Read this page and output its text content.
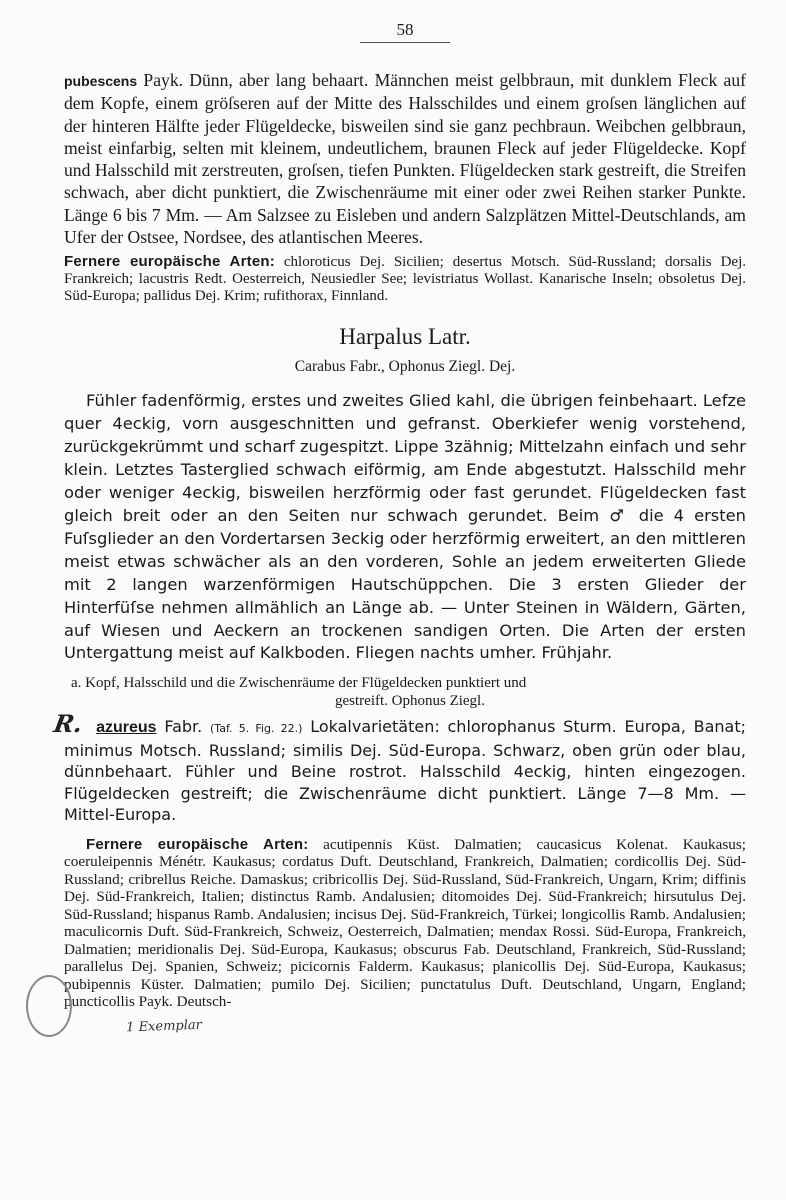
58

pubescens Payk. Dünn, aber lang behaart. Männchen meist gelbbraun, mit dunklem Fleck auf dem Kopfe, einem gröſseren auf der Mitte des Halsschildes und einem groſsen länglichen auf der hinteren Hälfte jeder Flügeldecke, bisweilen sind sie ganz pechbraun. Weibchen gelbbraun, meist einfarbig, selten mit kleinem, undeutlichem, braunen Fleck auf jeder Flügeldecke. Kopf und Halsschild mit zerstreuten, groſsen, tiefen Punkten. Flügeldecken stark gestreift, die Streifen schwach, aber dicht punktiert, die Zwischenräume mit einer oder zwei Reihen starker Punkte. Länge 6 bis 7 Mm. — Am Salzsee zu Eisleben und andern Salzplätzen Mittel-Deutschlands, am Ufer der Ostsee, Nordsee, des atlantischen Meeres.

Fernere europäische Arten: chloroticus Dej. Sicilien; desertus Motsch. Süd-Russland; dorsalis Dej. Frankreich; lacustris Redt. Oesterreich, Neusiedler See; levistriatus Wollast. Kanarische Inseln; obsoletus Dej. Süd-Europa; pallidus Dej. Krim; rufithorax, Finnland.

Harpalus Latr.
Carabus Fabr., Ophonus Ziegl. Dej.

Fühler fadenförmig, erstes und zweites Glied kahl, die übrigen feinbehaart. Lefze quer 4eckig, vorn ausgeschnitten und gefranst. Oberkiefer wenig vorstehend, zurückgekrümmt und scharf zugespitzt. Lippe 3zähnig; Mittelzahn einfach und sehr klein. Letztes Tasterglied schwach eiförmig, am Ende abgestutzt. Halsschild mehr oder weniger 4eckig, bisweilen herzförmig oder fast gerundet. Flügeldecken fast gleich breit oder an den Seiten nur schwach gerundet. Beim ♂ die 4 ersten Fuſsglieder an den Vordertarsen 3eckig oder herzförmig erweitert, an den mittleren meist etwas schwächer als an den vorderen, Sohle an jedem erweiterten Gliede mit 2 langen warzenförmigen Hautschüppchen. Die 3 ersten Glieder der Hinterfüſse nehmen allmählich an Länge ab. — Unter Steinen in Wäldern, Gärten, auf Wiesen und Aeckern an trockenen sandigen Orten. Die Arten der ersten Untergattung meist auf Kalkboden. Fliegen nachts umher. Frühjahr.

a. Kopf, Halsschild und die Zwischenräume der Flügeldecken punktiert und
gestreift. Ophonus Ziegl.

R. azureus Fabr. (Taf. 5. Fig. 22.) Lokalvarietäten: chlorophanus Sturm. Europa, Banat; minimus Motsch. Russland; similis Dej. Süd-Europa. Schwarz, oben grün oder blau, dünnbehaart. Fühler und Beine rostrot. Halsschild 4eckig, hinten eingezogen. Flügeldecken gestreift; die Zwischenräume dicht punktiert. Länge 7—8 Mm. — Mittel-Europa.

Fernere europäische Arten: acutipennis Küst. Dalmatien; caucasicus Kolenat. Kaukasus; coeruleipennis Ménétr. Kaukasus; cordatus Duft. Deutschland, Frankreich, Dalmatien; cordicollis Dej. Süd-Russland; cribrellus Reiche. Damaskus; cribricollis Dej. Süd-Russland, Süd-Frankreich, Ungarn, Krim; diffinis Dej. Süd-Frankreich, Italien; distinctus Ramb. Andalusien; ditomoides Dej. Süd-Frankreich; hirsutulus Dej. Süd-Russland; hispanus Ramb. Andalusien; incisus Dej. Süd-Frankreich, Türkei; longicollis Ramb. Andalusien; maculicornis Duft. Süd-Frankreich, Schweiz, Oesterreich, Dalmatien; mendax Rossi. Süd-Europa, Frankreich, Dalmatien; meridionalis Dej. Süd-Europa, Kaukasus; obscurus Fab. Deutschland, Frankreich, Süd-Russland; parallelus Dej. Spanien, Schweiz; picicornis Falderm. Kaukasus; planicollis Dej. Süd-Europa, Kaukasus; pubipennis Küster. Dalmatien; pumilo Dej. Sicilien; punctatulus Duft. Deutschland, Ungarn, England; puncticollis Payk. Deutsch-
1 Exemplar
